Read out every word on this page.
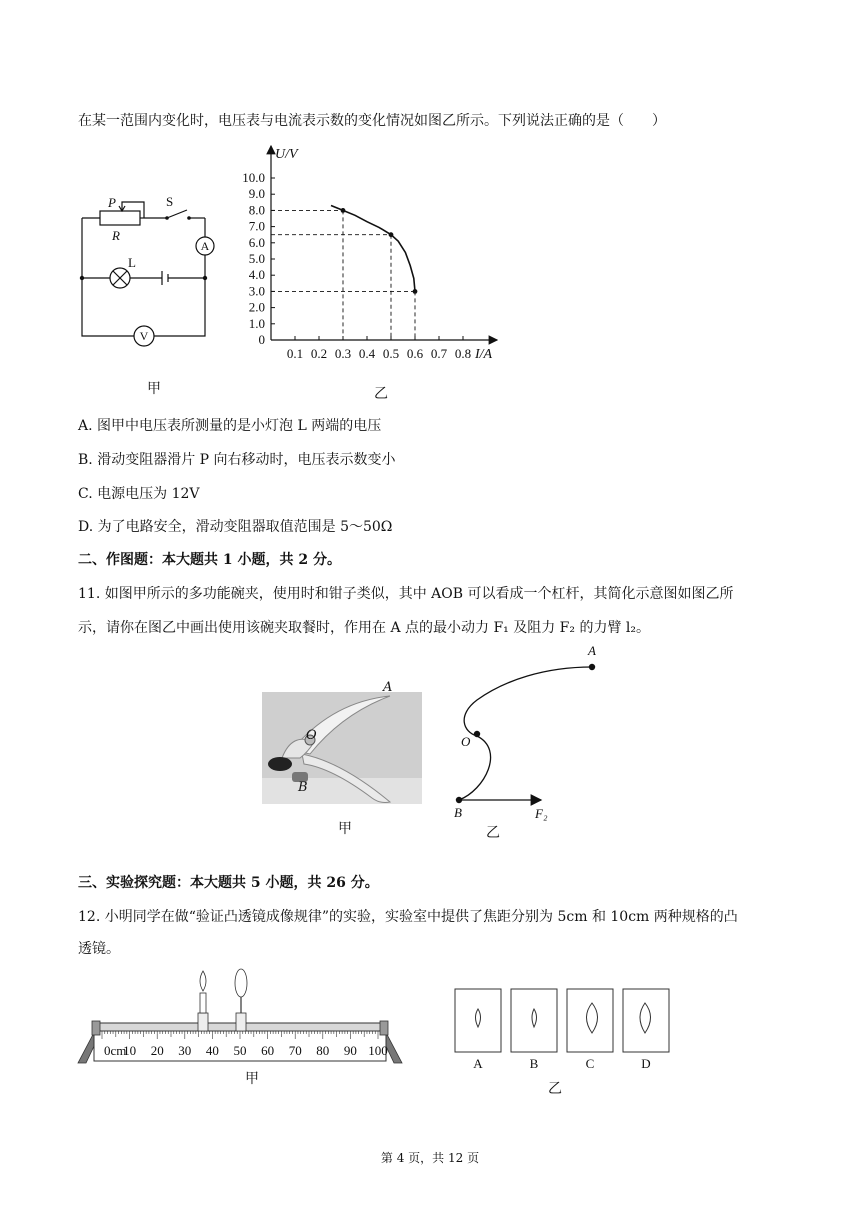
在某一范围内变化时，电压表与电流表示数的变化情况如图乙所示。下列说法正确的是（　　）
P
R
S
A
L
V
甲
U/V
I/A
0
1.0
2.0
3.0
4.0
5.0
6.0
7.0
8.0
9.0
10.0
0.1 0.2 0.3 0.4 0.5 0.6 0.7 0.8
乙
A. 图甲中电压表所测量的是小灯泡 L 两端的电压
B. 滑动变阻器滑片 P 向右移动时，电压表示数变小
C. 电源电压为 12V
D. 为了电路安全，滑动变阻器取值范围是 5～50Ω
二、作图题：本大题共 1 小题，共 2 分。
11. 如图甲所示的多功能碗夹，使用时和钳子类似，其中 AOB 可以看成一个杠杆，其简化示意图如图乙所
示，请你在图乙中画出使用该碗夹取餐时，作用在 A 点的最小动力 F₁ 及阻力 F₂ 的力臂 l₂。
A
O
B
甲
A
O
B	F₂
乙
三、实验探究题：本大题共 5 小题，共 26 分。
12. 小明同学在做“验证凸透镜成像规律”的实验，实验室中提供了焦距分别为 5cm 和 10cm 两种规格的凸
透镜。
0cm
10 20 30 40 50 60 70 80 90 100
甲
A	B	C	D
乙
第 4 页，共 12 页
